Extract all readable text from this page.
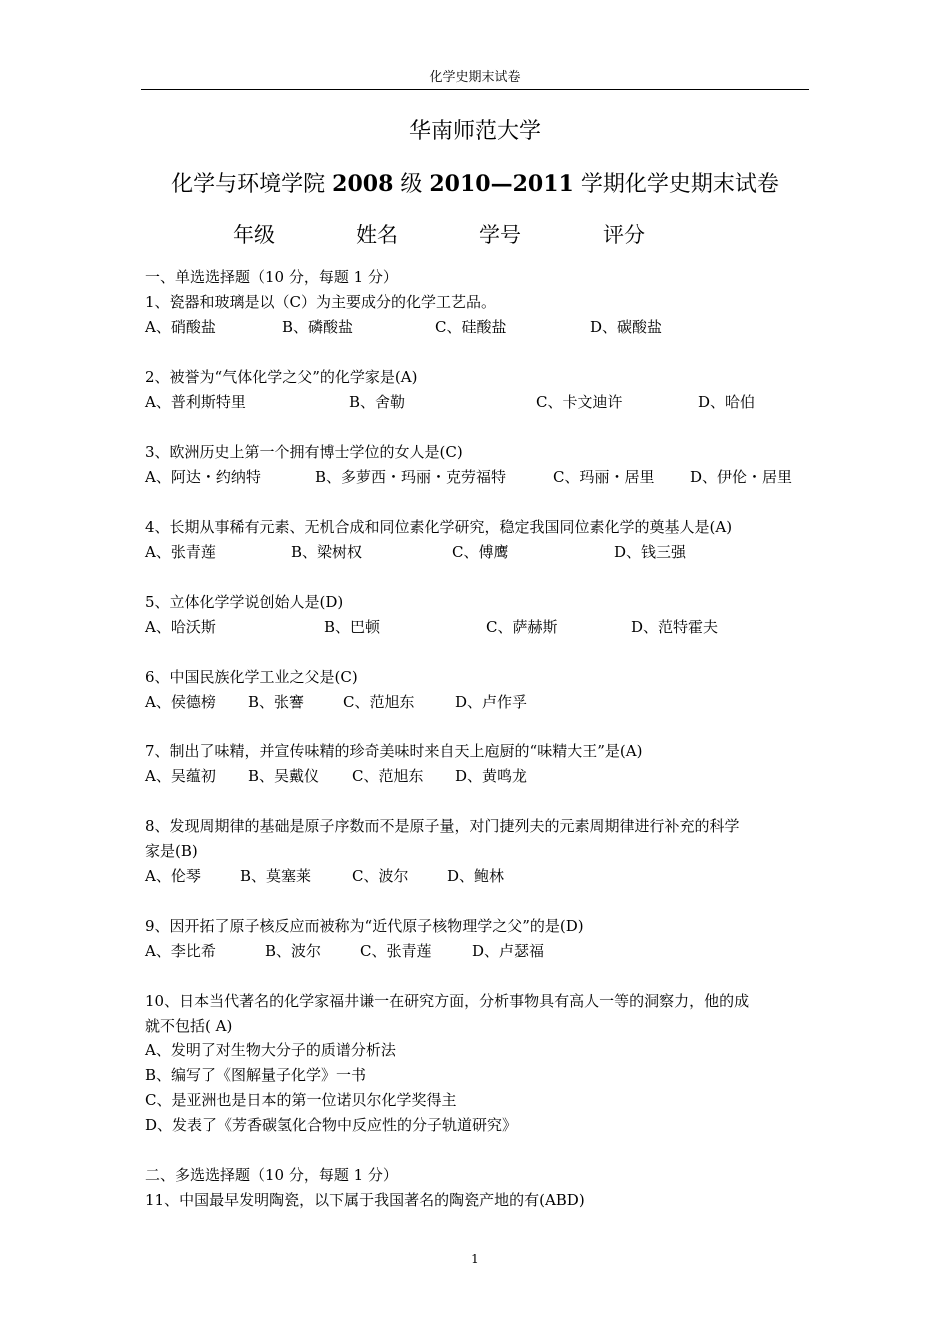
化学史期末试卷
华南师范大学
化学与环境学院 2008 级 2010—2011 学期化学史期末试卷
年级	姓名	学号	评分
一、单选选择题（10 分，每题 1 分）
1、瓷器和玻璃是以（C）为主要成分的化学工艺品。
A、硝酸盐	B、磷酸盐	C、硅酸盐	D、碳酸盐
2、被誉为“气体化学之父”的化学家是(A)
A、普利斯特里	B、舍勒	C、卡文迪许	D、哈伯
3、欧洲历史上第一个拥有博士学位的女人是(C)
A、阿达・约纳特	B、多萝西・玛丽・克劳福特	C、玛丽・居里 D、伊伦・居里
4、长期从事稀有元素、无机合成和同位素化学研究，稳定我国同位素化学的奠基人是(A)
A、张青莲	B、梁树权	C、傅鹰	D、钱三强
5、立体化学学说创始人是(D)
A、哈沃斯	B、巴顿	C、萨赫斯	D、范特霍夫
6、中国民族化学工业之父是(C)
A、侯德榜 B、张謇	C、范旭东	D、卢作孚
7、制出了味精，并宣传味精的珍奇美味时来自天上庖厨的“味精大王”是(A)
A、吴蕴初 B、吴戴仪 C、范旭东 D、黄鸣龙
8、发现周期律的基础是原子序数而不是原子量，对门捷列夫的元素周期律进行补充的科学
家是(B)
A、伦琴	B、莫塞莱	C、波尔	D、鲍林
9、因开拓了原子核反应而被称为“近代原子核物理学之父”的是(D)
A、李比希	B、波尔	C、张青莲	D、卢瑟福
10、日本当代著名的化学家福井谦一在研究方面，分析事物具有高人一等的洞察力，他的成
就不包括( A)
A、发明了对生物大分子的质谱分析法
B、编写了《图解量子化学》一书
C、是亚洲也是日本的第一位诺贝尔化学奖得主
D、发表了《芳香碳氢化合物中反应性的分子轨道研究》
二、多选选择题（10 分，每题 1 分）
11、中国最早发明陶瓷，以下属于我国著名的陶瓷产地的有(ABD)
1
